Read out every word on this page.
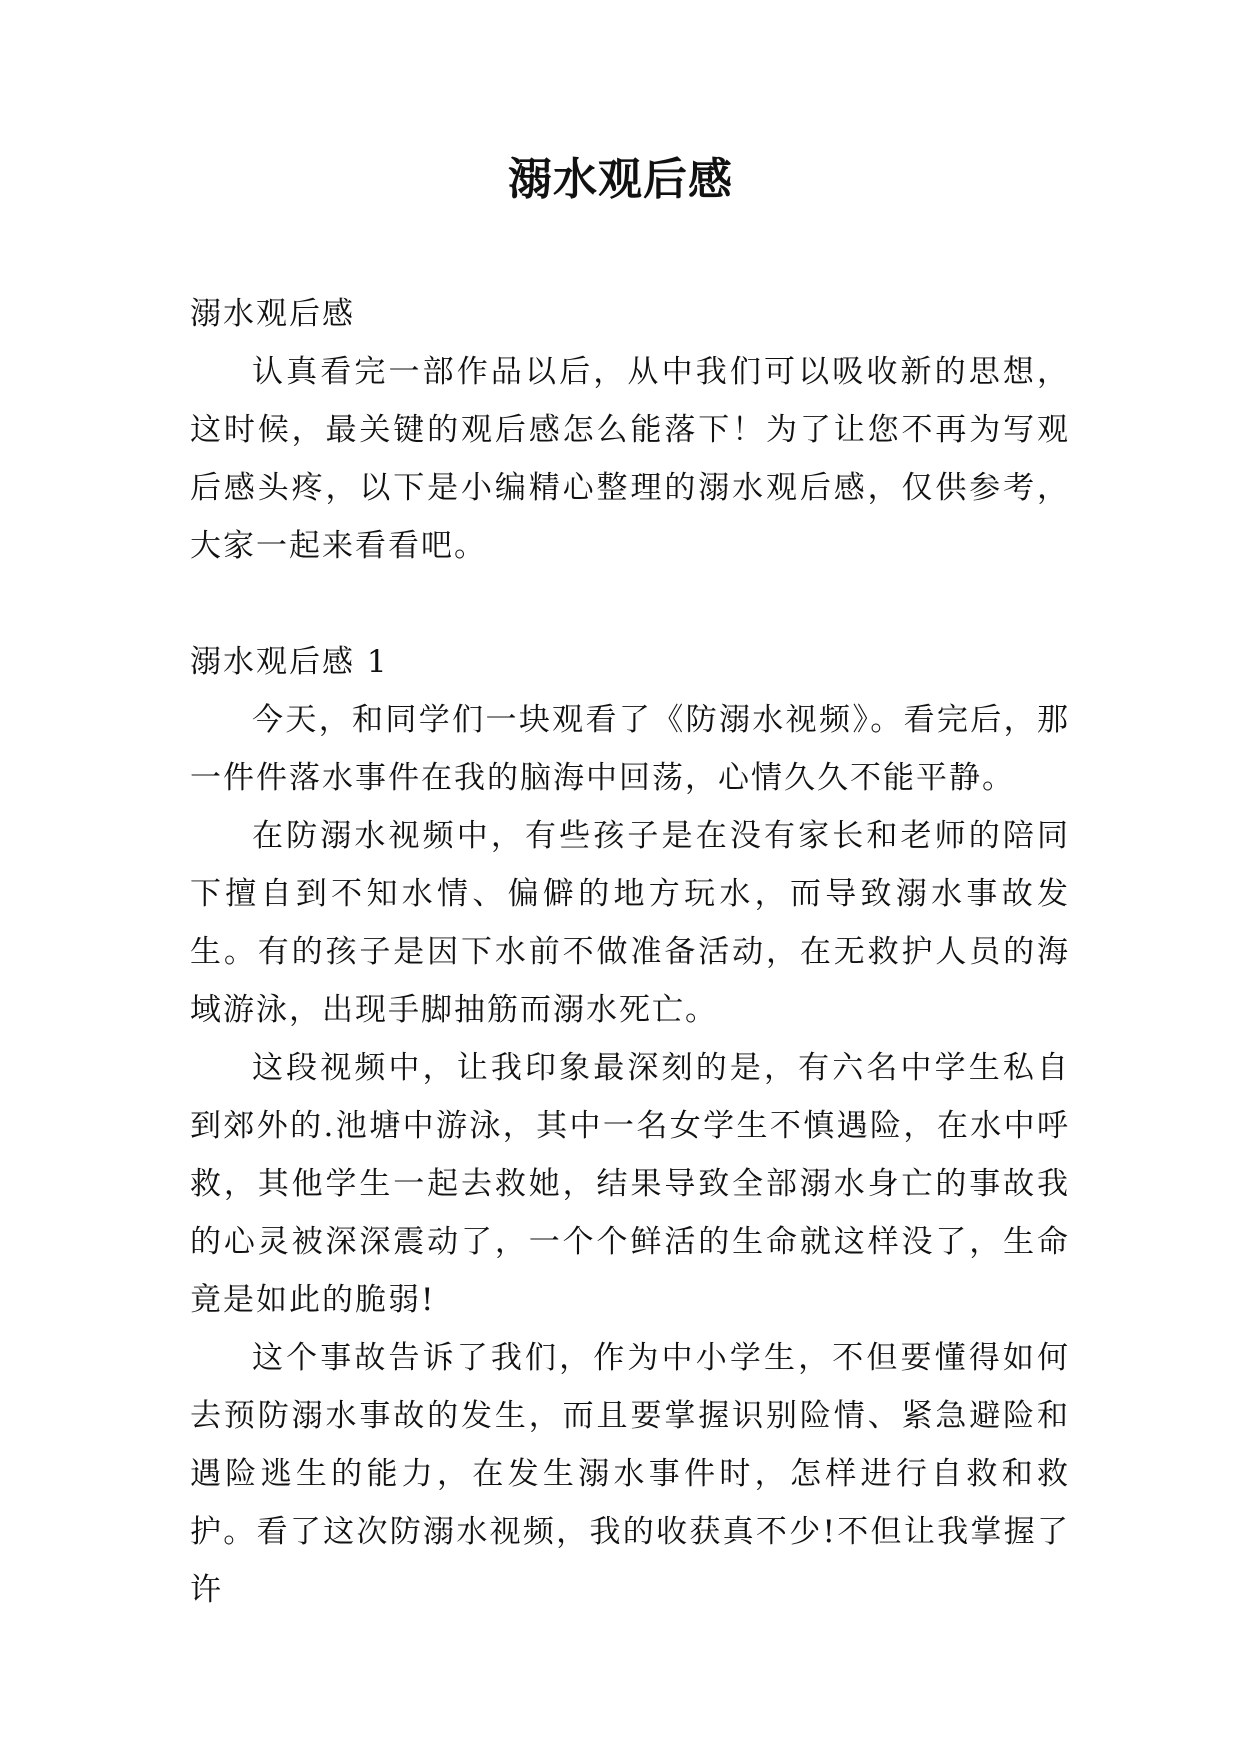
溺水观后感

溺水观后感

认真看完一部作品以后，从中我们可以吸收新的思想，这时候，最关键的观后感怎么能落下！为了让您不再为写观后感头疼，以下是小编精心整理的溺水观后感，仅供参考，大家一起来看看吧。

溺水观后感 1

今天，和同学们一块观看了《防溺水视频》。看完后，那一件件落水事件在我的脑海中回荡，心情久久不能平静。

在防溺水视频中，有些孩子是在没有家长和老师的陪同下擅自到不知水情、偏僻的地方玩水，而导致溺水事故发生。有的孩子是因下水前不做准备活动，在无救护人员的海域游泳，出现手脚抽筋而溺水死亡。

这段视频中，让我印象最深刻的是，有六名中学生私自到郊外的.池塘中游泳，其中一名女学生不慎遇险，在水中呼救，其他学生一起去救她，结果导致全部溺水身亡的事故我的心灵被深深震动了，一个个鲜活的生命就这样没了，生命竟是如此的脆弱!

这个事故告诉了我们，作为中小学生，不但要懂得如何去预防溺水事故的发生，而且要掌握识别险情、紧急避险和遇险逃生的能力，在发生溺水事件时，怎样进行自救和救护。看了这次防溺水视频，我的收获真不少!不但让我掌握了许
